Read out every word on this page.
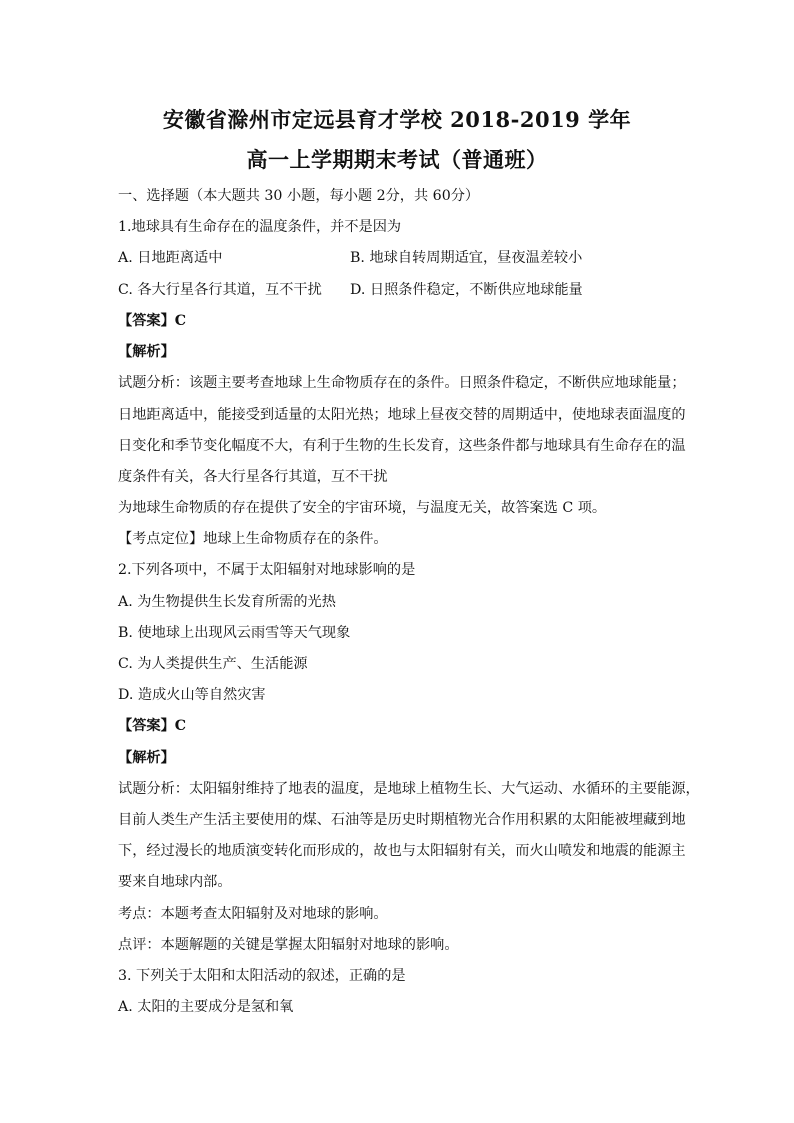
安徽省滁州市定远县育才学校 2018-2019 学年
高一上学期期末考试（普通班）
一、选择题（本大题共 30 小题，每小题 2分，共 60分）
1.地球具有生命存在的温度条件，并不是因为
A. 日地距离适中	B. 地球自转周期适宜，昼夜温差较小
C. 各大行星各行其道，互不干扰 D. 日照条件稳定，不断供应地球能量
【答案】C
【解析】
试题分析：该题主要考查地球上生命物质存在的条件。日照条件稳定，不断供应地球能量；
日地距离适中，能接受到适量的太阳光热；地球上昼夜交替的周期适中，使地球表面温度的
日变化和季节变化幅度不大，有利于生物的生长发育，这些条件都与地球具有生命存在的温
度条件有关，各大行星各行其道，互不干扰
为地球生命物质的存在提供了安全的宇宙环境，与温度无关，故答案选 C 项。
【考点定位】地球上生命物质存在的条件。
2.下列各项中，不属于太阳辐射对地球影响的是
A. 为生物提供生长发育所需的光热
B. 使地球上出现风云雨雪等天气现象
C. 为人类提供生产、生活能源
D. 造成火山等自然灾害
【答案】C
【解析】
试题分析：太阳辐射维持了地表的温度，是地球上植物生长、大气运动、水循环的主要能源，
目前人类生产生活主要使用的煤、石油等是历史时期植物光合作用积累的太阳能被埋藏到地
下，经过漫长的地质演变转化而形成的，故也与太阳辐射有关，而火山喷发和地震的能源主
要来自地球内部。
考点：本题考查太阳辐射及对地球的影响。
点评：本题解题的关键是掌握太阳辐射对地球的影响。
3. 下列关于太阳和太阳活动的叙述，正确的是
A. 太阳的主要成分是氢和氧
